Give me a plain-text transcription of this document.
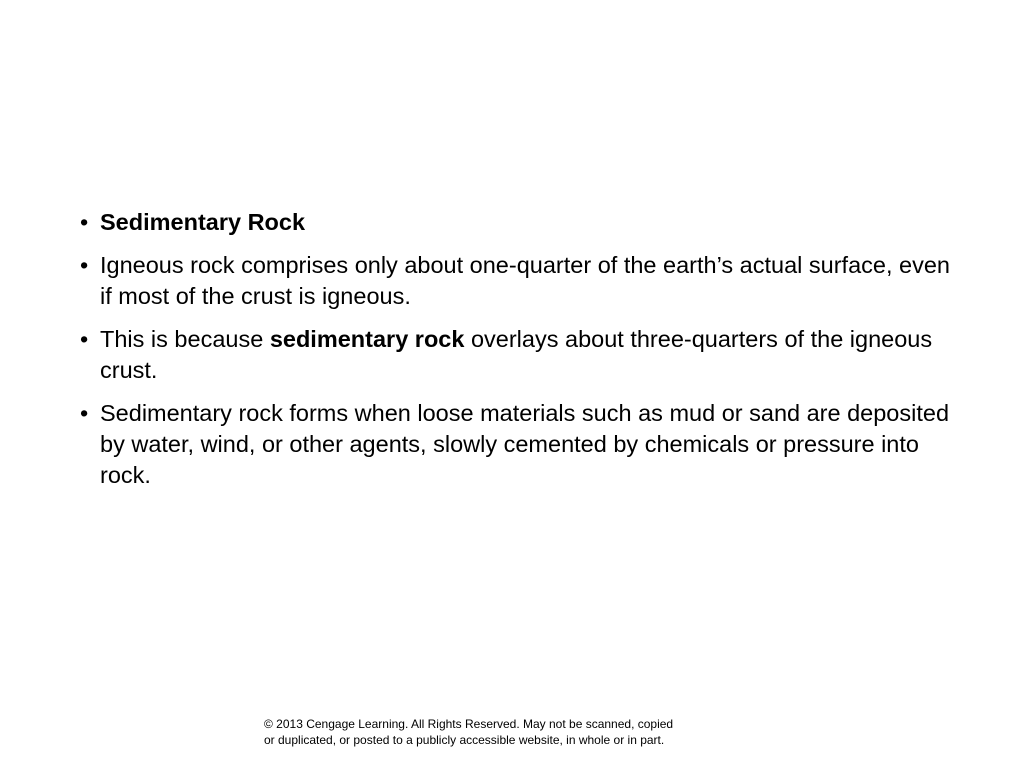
• Sedimentary Rock
• Igneous rock comprises only about one-quarter of the earth’s actual surface, even if most of the crust is igneous.
• This is because sedimentary rock overlays about three-quarters of the igneous crust.
• Sedimentary rock forms when loose materials such as mud or sand are deposited by water, wind, or other agents, slowly cemented by chemicals or pressure into rock.
© 2013 Cengage Learning. All Rights Reserved. May not be scanned, copied
or duplicated, or posted to a publicly accessible website, in whole or in part.
